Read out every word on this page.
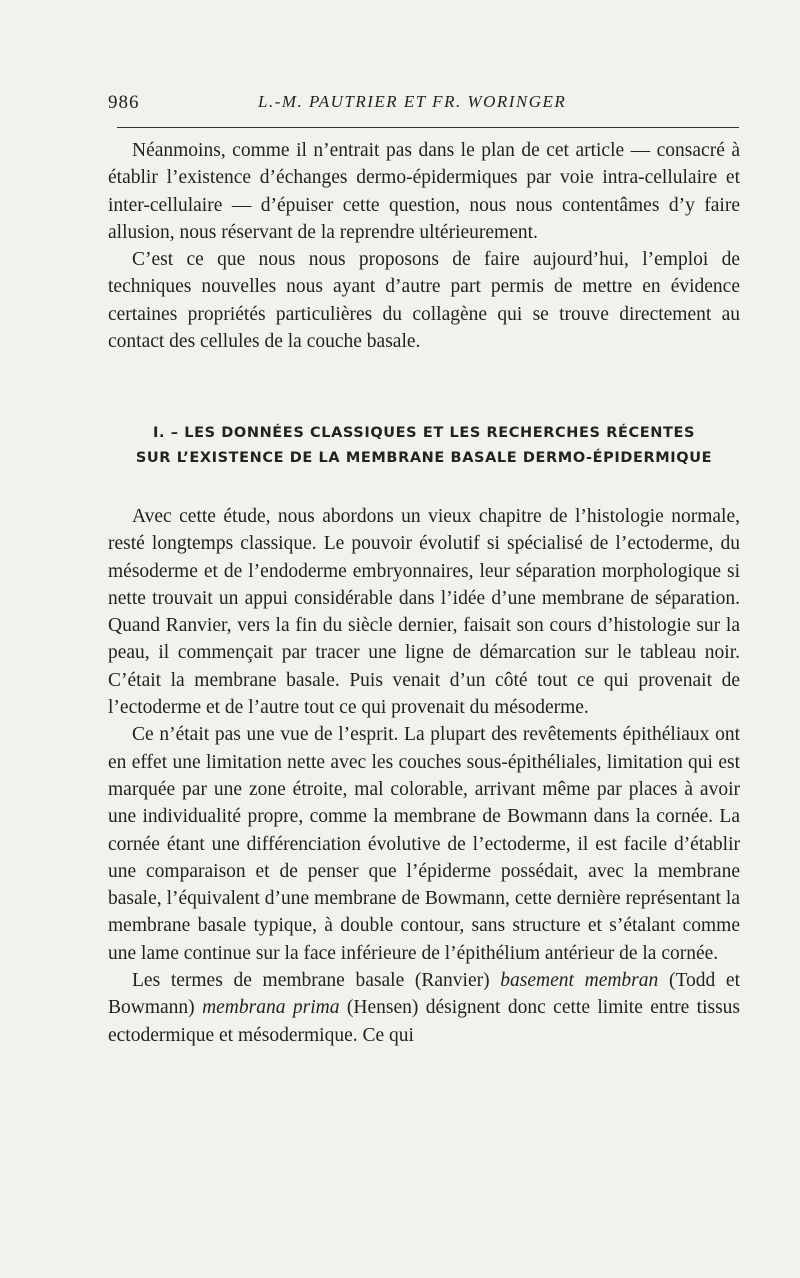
986	L.-M. PAUTRIER ET FR. WORINGER

Néanmoins, comme il n’entrait pas dans le plan de cet article — consacré à établir l’existence d’échanges dermo-épidermiques par voie intra-cellulaire et inter-cellulaire — d’épuiser cette question, nous nous contentâmes d’y faire allusion, nous réservant de la reprendre ultérieurement.

C’est ce que nous nous proposons de faire aujourd’hui, l’emploi de techniques nouvelles nous ayant d’autre part permis de mettre en évidence certaines propriétés particulières du collagène qui se trouve directement au contact des cellules de la couche basale.

I. – LES DONNÉES CLASSIQUES ET LES RECHERCHES RÉCENTES
SUR L’EXISTENCE DE LA MEMBRANE BASALE DERMO-ÉPIDERMIQUE

Avec cette étude, nous abordons un vieux chapitre de l’histologie normale, resté longtemps classique. Le pouvoir évolutif si spécialisé de l’ectoderme, du mésoderme et de l’endoderme embryonnaires, leur séparation morphologique si nette trouvait un appui considérable dans l’idée d’une membrane de séparation. Quand Ranvier, vers la fin du siècle dernier, faisait son cours d’histologie sur la peau, il commençait par tracer une ligne de démarcation sur le tableau noir. C’était la membrane basale. Puis venait d’un côté tout ce qui provenait de l’ectoderme et de l’autre tout ce qui provenait du mésoderme.

Ce n’était pas une vue de l’esprit. La plupart des revêtements épithéliaux ont en effet une limitation nette avec les couches sous-épithéliales, limitation qui est marquée par une zone étroite, mal colorable, arrivant même par places à avoir une individualité propre, comme la membrane de Bowmann dans la cornée. La cornée étant une différenciation évolutive de l’ectoderme, il est facile d’établir une comparaison et de penser que l’épiderme possédait, avec la membrane basale, l’équivalent d’une membrane de Bowmann, cette dernière représentant la membrane basale typique, à double contour, sans structure et s’étalant comme une lame continue sur la face inférieure de l’épithélium antérieur de la cornée.

Les termes de membrane basale (Ranvier) basement membran (Todd et Bowmann) membrana prima (Hensen) désignent donc cette limite entre tissus ectodermique et mésodermique. Ce qui
